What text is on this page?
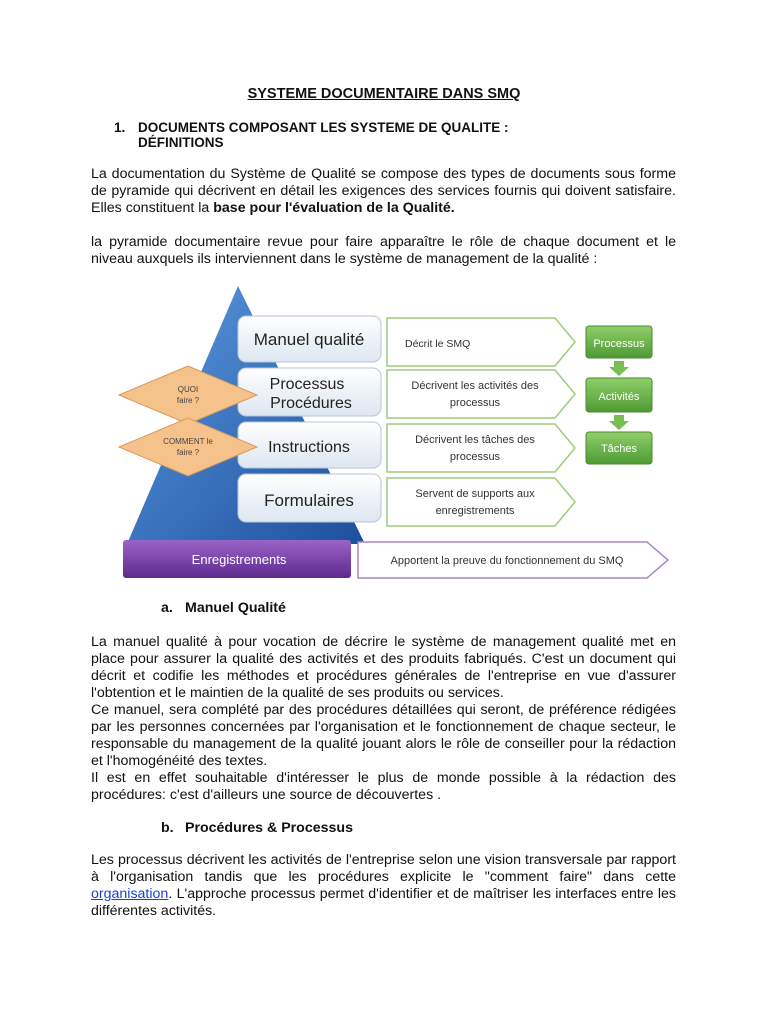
SYSTEME DOCUMENTAIRE DANS SMQ
1. DOCUMENTS COMPOSANT LES SYSTEME DE QUALITE :
DÉFINITIONS
La documentation du Système de Qualité se compose des types de documents sous forme de pyramide qui décrivent en détail les exigences des services fournis qui doivent satisfaire. Elles constituent la base pour l'évaluation de la Qualité.
la pyramide documentaire revue pour faire apparaître le rôle de chaque document et le niveau auxquels ils interviennent dans le système de management de la qualité :
Manuel qualité
Processus
Procédures
Instructions
Formulaires
QUOI
faire ?
COMMENT le
faire ?
Décrit le SMQ
Décrivent les activités des
processus
Décrivent les tâches des
processus
Servent de supports aux
enregistrements
Processus
Activités
Tâches
Enregistrements	Apportent la preuve du fonctionnement du SMQ
a. Manuel Qualité
La manuel qualité à pour vocation de décrire le système de management qualité met en place pour assurer la qualité des activités et des produits fabriqués. C'est un document qui décrit et codifie les méthodes et procédures générales de l'entreprise en vue d'assurer l'obtention et le maintien de la qualité de ses produits ou services.
Ce manuel, sera complété par des procédures détaillées qui seront, de préférence rédigées par les personnes concernées par l'organisation et le fonctionnement de chaque secteur, le responsable du management de la qualité jouant alors le rôle de conseiller pour la rédaction et l'homogénéité des textes.
Il est en effet souhaitable d'intéresser le plus de monde possible à la rédaction des procédures: c'est d'ailleurs une source de découvertes .
b. Procédures & Processus
Les processus décrivent les activités de l'entreprise selon une vision transversale par rapport à l'organisation tandis que les procédures explicite le "comment faire" dans cette organisation. L'approche processus permet d'identifier et de maîtriser les interfaces entre les différentes activités.
